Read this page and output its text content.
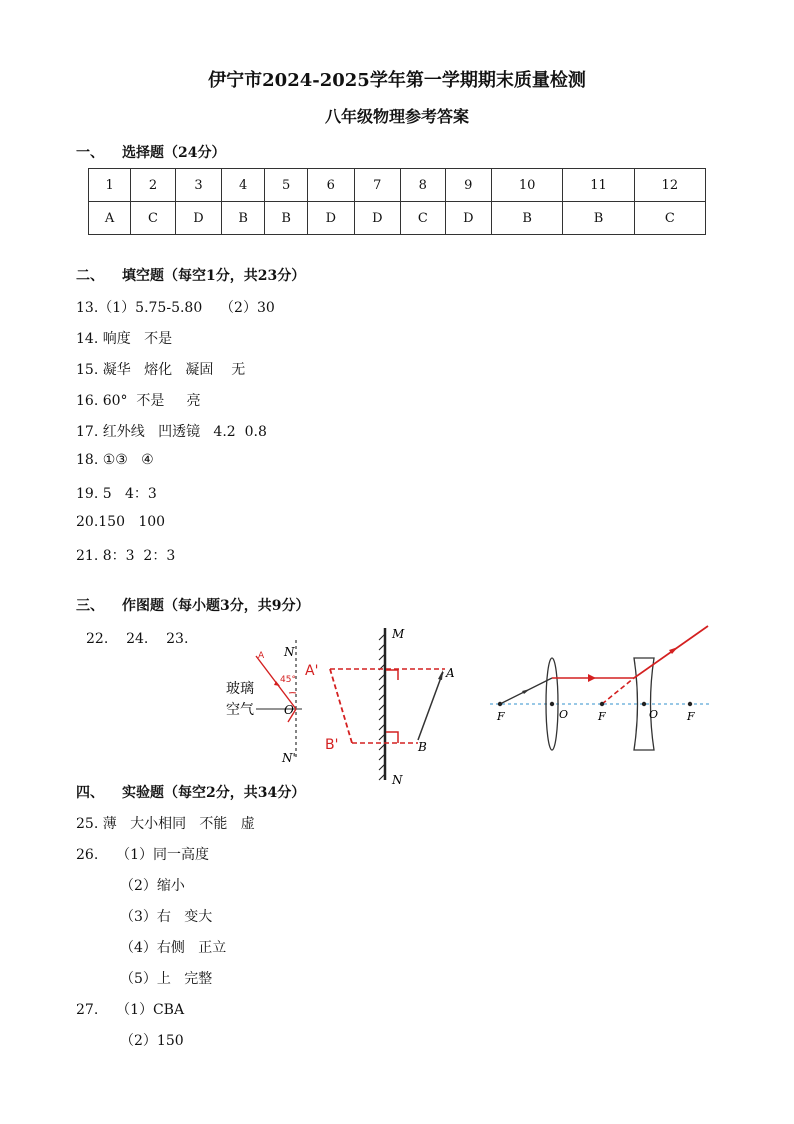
伊宁市2024-2025学年第一学期期末质量检测
八年级物理参考答案
一、 选择题（24分）
1	2	3	4	5	6	7	8	9	10	11	12
A	C	D	B	B	D	D	C	D	B	B	C
二、 填空题（每空1分，共23分）
13.（1）5.75-5.80    （2）30
14. 响度   不是
15. 凝华   熔化   凝固    无
16. 60°  不是     亮
17. 红外线   凹透镜   4.2  0.8
18. ①③   ④
19. 5   4：3
20.150   100
21. 8：3  2：3
三、 作图题（每小题3分，共9分）
22.    24.    23.
N
N'
O
A
45°
玻璃
空气
M
N
A
B
A'
B'
F	O	F	O	F
四、 实验题（每空2分，共34分）
25. 薄   大小相同   不能   虚
26.    （1）同一高度
（2）缩小
（3）右   变大
（4）右侧   正立
（5）上   完整
27.    （1）CBA
（2）150
